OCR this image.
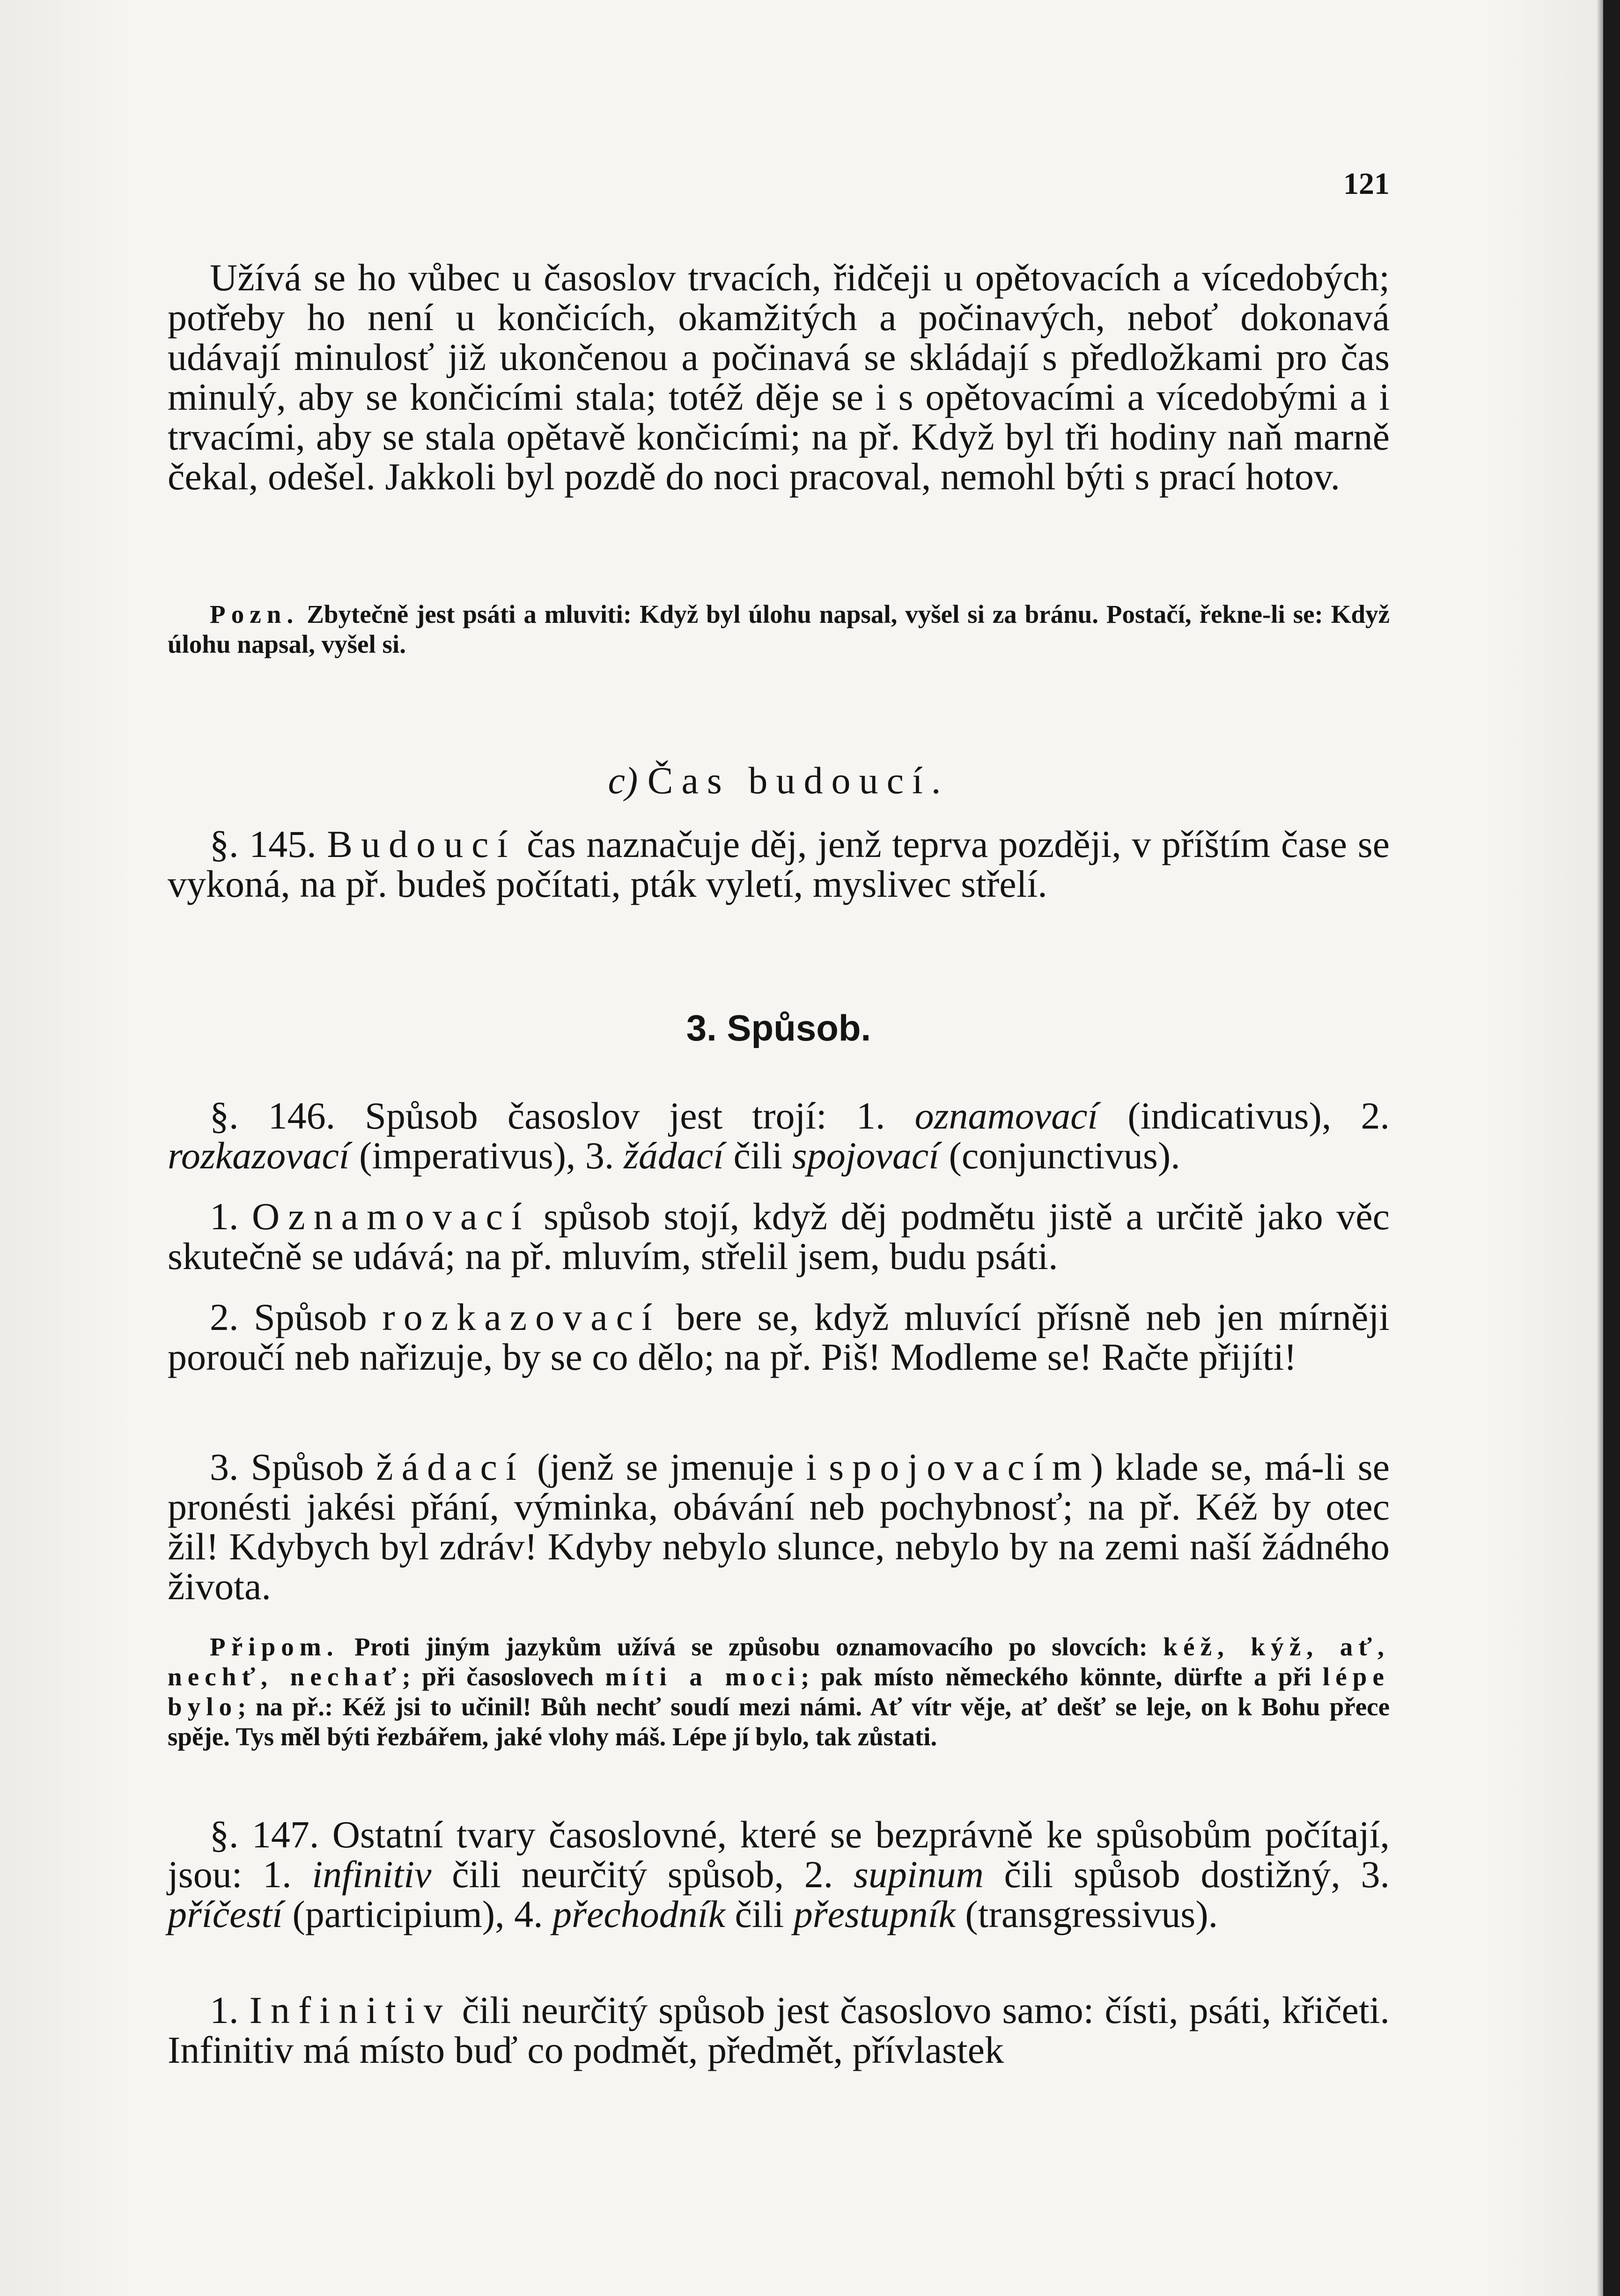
121

Užívá se ho vůbec u časoslov trvacích, řidčeji u opětovacích a vícedobých; potřeby ho není u končicích, okamžitých a počinavých, neboť dokonavá udávají minulosť již ukončenou a počinavá se skládají s předložkami pro čas minulý, aby se končicími stala; totéž děje se i s opětovacími a vícedobými a i trvacími, aby se stala opětavě končicími; na př. Když byl tři hodiny naň marně čekal, odešel. Jakkoli byl pozdě do noci pracoval, nemohl býti s prací hotov.

Pozn. Zbytečně jest psáti a mluviti: Když byl úlohu napsal, vyšel si za bránu. Postačí, řekne-li se: Když úlohu napsal, vyšel si.

c) Čas budoucí.

§. 145. Budoucí čas naznačuje děj, jenž teprva později, v příštím čase se vykoná, na př. budeš počítati, pták vyletí, myslivec střelí.

3. Spůsob.

§. 146. Spůsob časoslov jest trojí: 1. oznamovací (indicativus), 2. rozkazovací (imperativus), 3. žádací čili spojovací (conjunctivus).

1. Oznamovací spůsob stojí, když děj podmětu jistě a určitě jako věc skutečně se udává; na př. mluvím, střelil jsem, budu psáti.

2. Spůsob rozkazovací bere se, když mluvící přísně neb jen mírněji poroučí neb nařizuje, by se co dělo; na př. Piš! Modleme se! Račte přijíti!

3. Spůsob žádací (jenž se jmenuje i spojovacím) klade se, má-li se pronésti jakési přání, výminka, obávání neb pochybnosť; na př. Kéž by otec žil! Kdybych byl zdráv! Kdyby nebylo slunce, nebylo by na zemi naší žádného života.

Připom. Proti jiným jazykům užívá se způsobu oznamovacího po slovcích: kéž, kýž, ať, nechť, nechať; při časoslovech míti a moci; pak místo německého könnte, dürfte a při lépe bylo; na př.: Kéž jsi to učinil! Bůh nechť soudí mezi námi. Ať vítr věje, ať dešť se leje, on k Bohu přece spěje. Tys měl býti řezbářem, jaké vlohy máš. Lépe jí bylo, tak zůstati.

§. 147. Ostatní tvary časoslovné, které se bezprávně ke spůsobům počítají, jsou: 1. infinitiv čili neurčitý spůsob, 2. supinum čili spůsob dostižný, 3. příčestí (participium), 4. přechodník čili přestupník (transgressivus).

1. Infinitiv čili neurčitý spůsob jest časoslovo samo: čísti, psáti, křičeti. Infinitiv má místo buď co podmět, předmět, přívlastek
